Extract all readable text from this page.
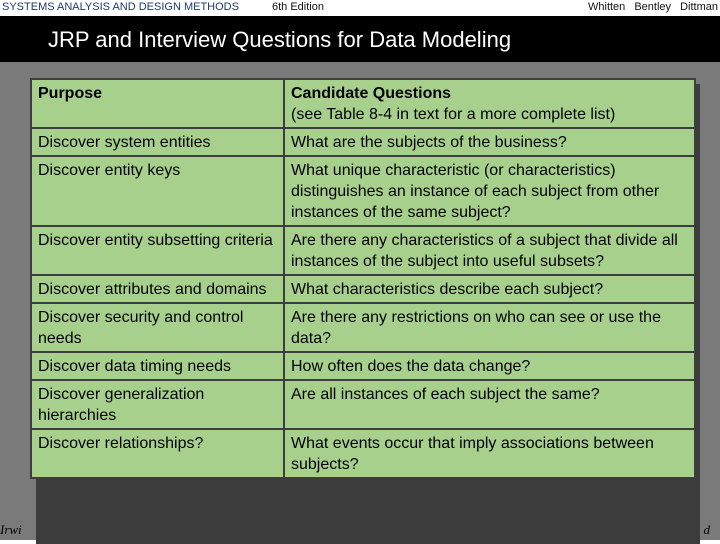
SYSTEMS ANALYSIS AND DESIGN METHODS	6th Edition	Whitten Bentley Dittman
JRP and Interview Questions for Data Modeling
Irwi	d
Purpose	Candidate Questions
(see Table 8-4 in text for a more complete list)

Discover system entities	What are the subjects of the business?
Discover entity keys	What unique characteristic (or characteristics) distinguishes an instance of each subject from other instances of the same subject?
Discover entity subsetting criteria	Are there any characteristics of a subject that divide all instances of the subject into useful subsets?
Discover attributes and domains	What characteristics describe each subject?
Discover security and control needs	Are there any restrictions on who can see or use the data?
Discover data timing needs	How often does the data change?
Discover generalization hierarchies	Are all instances of each subject the same?
Discover relationships?	What events occur that imply associations between subjects?
